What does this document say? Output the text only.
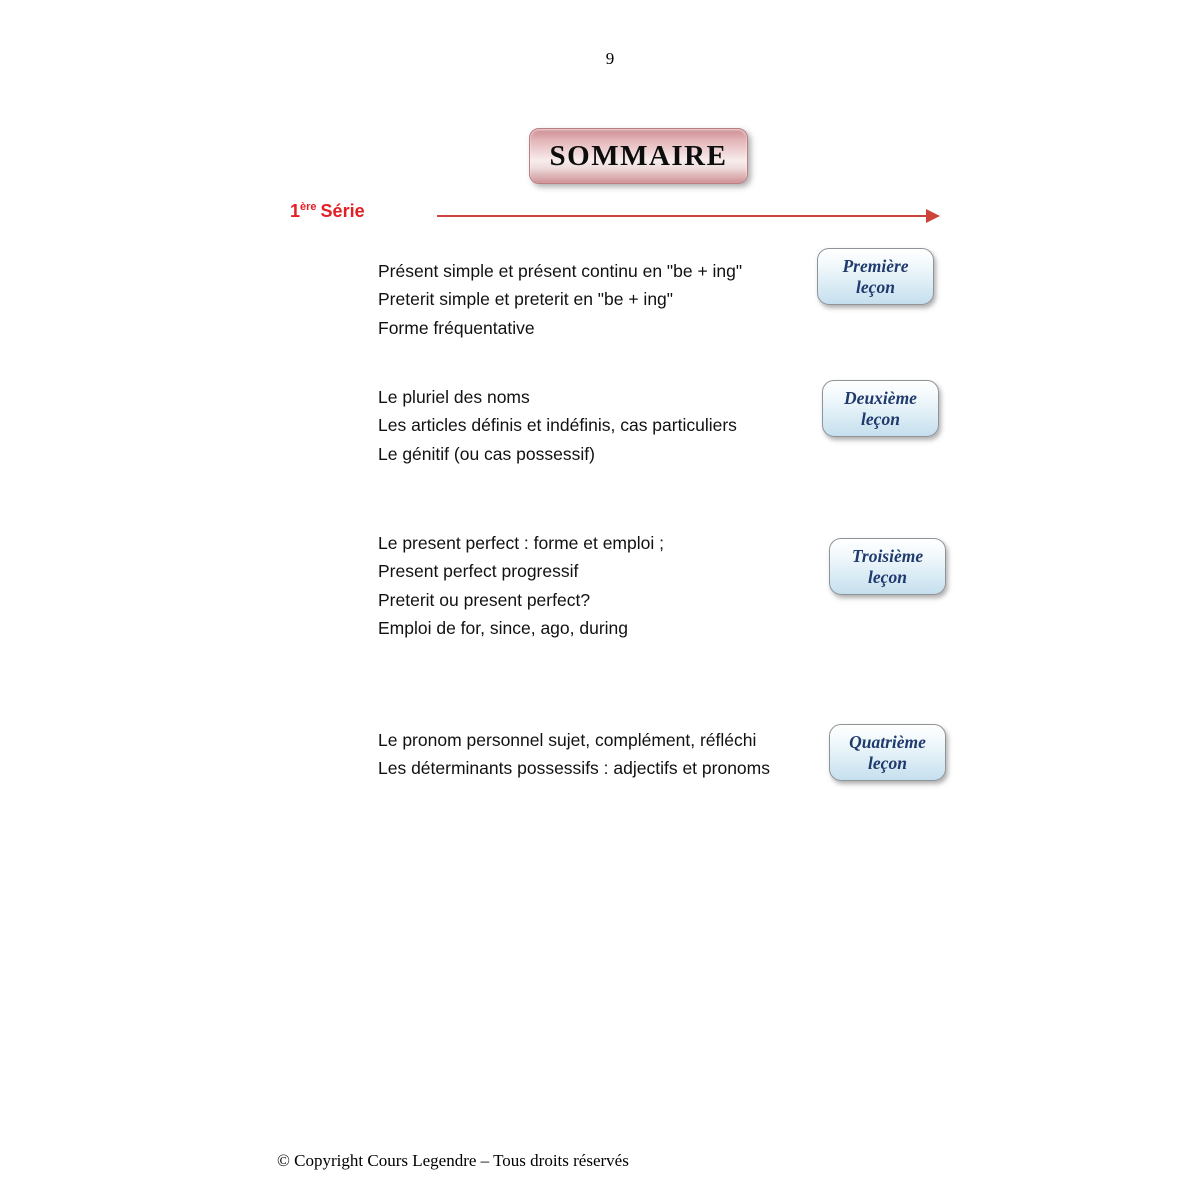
9
SOMMAIRE
1ère Série
Présent simple et présent continu en "be + ing"
Preterit simple et preterit en "be + ing"
Forme fréquentative
Première
leçon
Le pluriel des noms
Les articles définis et indéfinis, cas particuliers
Le génitif (ou cas possessif)
Deuxième
leçon
Le present perfect : forme et emploi ;
Present perfect progressif
Preterit ou present perfect?
Emploi de for, since, ago, during
Troisième
leçon
Le pronom personnel sujet, complément, réfléchi
Les déterminants possessifs : adjectifs et pronoms
Quatrième
leçon
© Copyright Cours Legendre – Tous droits réservés
